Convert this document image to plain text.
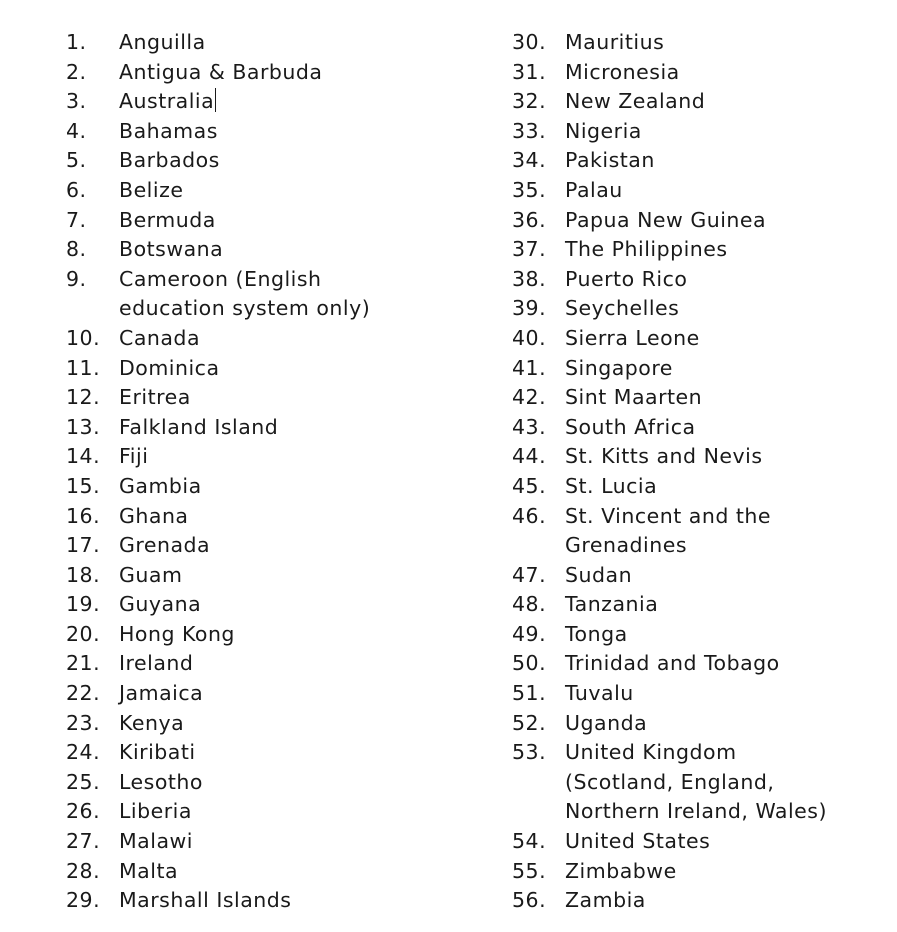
1.	Anguilla
2.	Antigua & Barbuda
3.	Australia
4.	Bahamas
5.	Barbados
6.	Belize
7.	Bermuda
8.	Botswana
9.	Cameroon (English
education system only)
10. Canada
11. Dominica
12. Eritrea
13. Falkland Island
14. Fiji
15. Gambia
16. Ghana
17. Grenada
18. Guam
19. Guyana
20. Hong Kong
21. Ireland
22. Jamaica
23. Kenya
24. Kiribati
25. Lesotho
26. Liberia
27. Malawi
28. Malta
29. Marshall Islands
30. Mauritius
31. Micronesia
32. New Zealand
33. Nigeria
34. Pakistan
35. Palau
36. Papua New Guinea
37. The Philippines
38. Puerto Rico
39. Seychelles
40. Sierra Leone
41. Singapore
42. Sint Maarten
43. South Africa
44. St. Kitts and Nevis
45. St. Lucia
46. St. Vincent and the
Grenadines
47. Sudan
48. Tanzania
49. Tonga
50. Trinidad and Tobago
51. Tuvalu
52. Uganda
53. United Kingdom
(Scotland, England,
Northern Ireland, Wales)
54. United States
55. Zimbabwe
56. Zambia
